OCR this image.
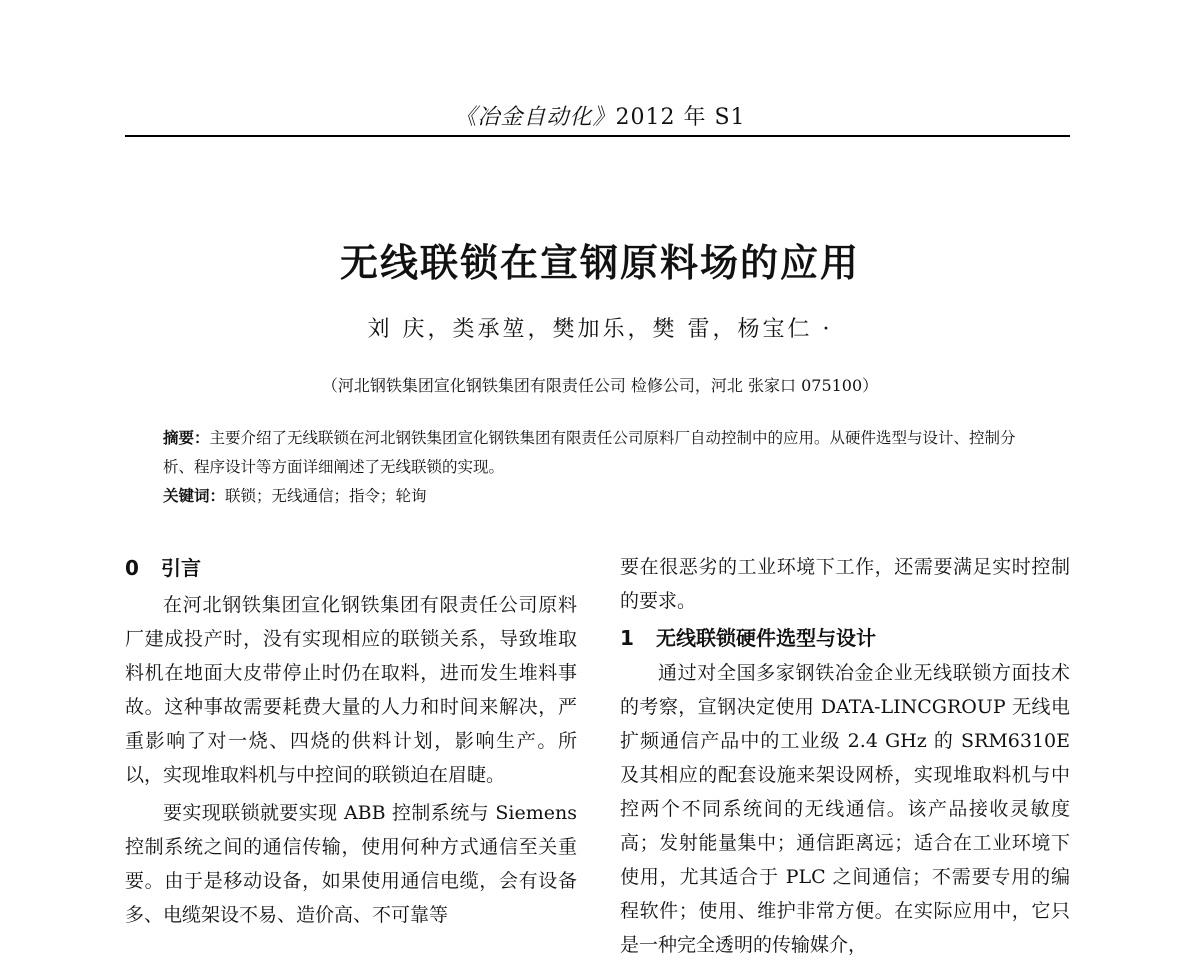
《冶金自动化》2012 年 S1
无线联锁在宣钢原料场的应用
刘 庆，类承堃，樊加乐，樊 雷，杨宝仁 ·
（河北钢铁集团宣化钢铁集团有限责任公司 检修公司，河北 张家口 075100）
摘要：主要介绍了无线联锁在河北钢铁集团宣化钢铁集团有限责任公司原料厂自动控制中的应用。从硬件选型与设计、控制分析、程序设计等方面详细阐述了无线联锁的实现。
关键词：联锁；无线通信；指令；轮询
0 引言

在河北钢铁集团宣化钢铁集团有限责任公司原料厂建成投产时，没有实现相应的联锁关系，导致堆取料机在地面大皮带停止时仍在取料，进而发生堆料事故。这种事故需要耗费大量的人力和时间来解决，严重影响了对一烧、四烧的供料计划，影响生产。所以，实现堆取料机与中控间的联锁迫在眉睫。

要实现联锁就要实现 ABB 控制系统与 Siemens 控制系统之间的通信传输，使用何种方式通信至关重要。由于是移动设备，如果使用通信电缆，会有设备多、电缆架设不易、造价高、不可靠等

要在很恶劣的工业环境下工作，还需要满足实时控制的要求。

1 无线联锁硬件选型与设计

通过对全国多家钢铁冶金企业无线联锁方面技术的考察，宣钢决定使用 DATA-LINCGROUP 无线电扩频通信产品中的工业级 2.4 GHz 的 SRM6310E 及其相应的配套设施来架设网桥，实现堆取料机与中控两个不同系统间的无线通信。该产品接收灵敏度高；发射能量集中；通信距离远；适合在工业环境下使用，尤其适合于 PLC 之间通信；不需要专用的编程软件；使用、维护非常方便。在实际应用中，它只是一种完全透明的传输媒介，
